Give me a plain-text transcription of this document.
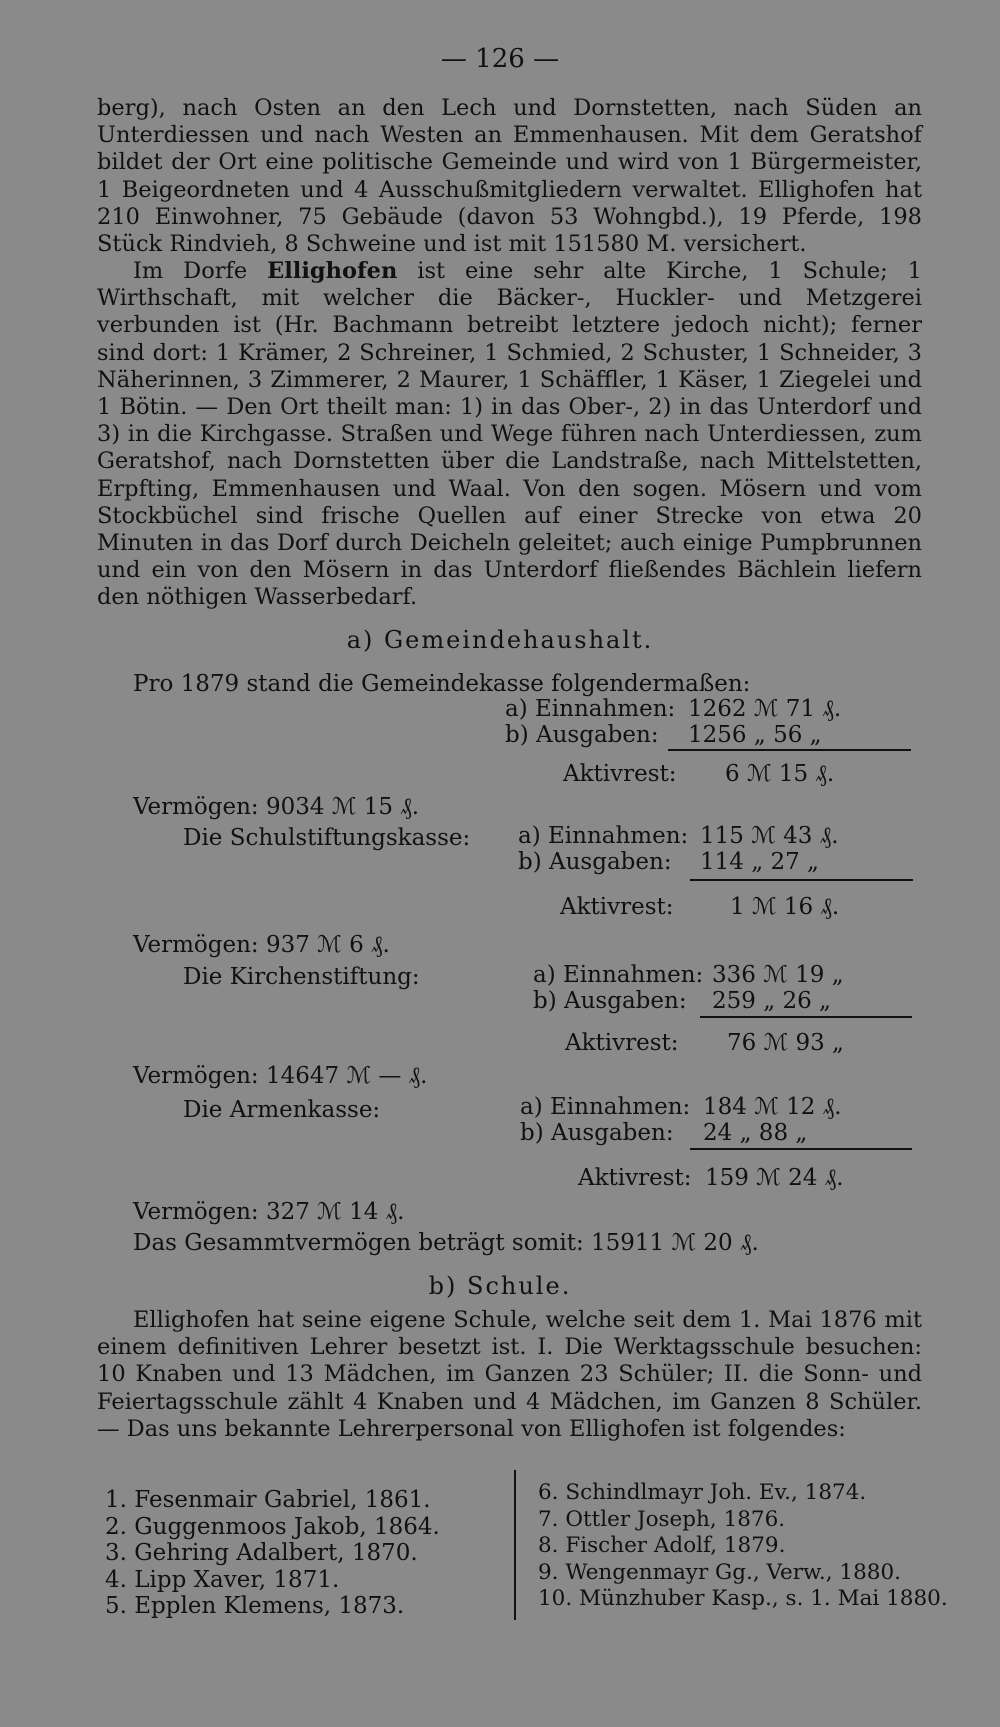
— 126 —

berg), nach Osten an den Lech und Dornstetten, nach Süden an Unterdiessen und nach Westen an Emmenhausen. Mit dem Geratshof bildet der Ort eine politische Gemeinde und wird von 1 Bürgermeister, 1 Beigeordneten und 4 Ausschußmitgliedern verwaltet. Ellighofen hat 210 Einwohner, 75 Gebäude (davon 53 Wohngbd.), 19 Pferde, 198 Stück Rindvieh, 8 Schweine und ist mit 151580 M. versichert.

Im Dorfe Ellighofen ist eine sehr alte Kirche, 1 Schule; 1 Wirthschaft, mit welcher die Bäcker-, Huckler- und Metzgerei verbunden ist (Hr. Bachmann betreibt letztere jedoch nicht); ferner sind dort: 1 Krämer, 2 Schreiner, 1 Schmied, 2 Schuster, 1 Schneider, 3 Näherinnen, 3 Zimmerer, 2 Maurer, 1 Schäffler, 1 Käser, 1 Ziegelei und 1 Bötin. — Den Ort theilt man: 1) in das Ober-, 2) in das Unterdorf und 3) in die Kirchgasse. Straßen und Wege führen nach Unterdiessen, zum Geratshof, nach Dornstetten über die Landstraße, nach Mittelstetten, Erpfting, Emmenhausen und Waal. Von den sogen. Mösern und vom Stockbüchel sind frische Quellen auf einer Strecke von etwa 20 Minuten in das Dorf durch Deicheln geleitet; auch einige Pumpbrunnen und ein von den Mösern in das Unterdorf fließendes Bächlein liefern den nöthigen Wasserbedarf.

a) Gemeindehaushalt.
Pro 1879 stand die Gemeindekasse folgendermaßen:
a) Einnahmen: 1262 ℳ 71 ₰.
b) Ausgaben: 1256 „ 56 „
Aktivrest: 6 ℳ 15 ₰.
Vermögen: 9034 ℳ 15 ₰.
Die Schulstiftungskasse: a) Einnahmen: 115 ℳ 43 ₰.
b) Ausgaben: 114 „ 27 „
Aktivrest: 1 ℳ 16 ₰.
Vermögen: 937 ℳ 6 ₰.
Die Kirchenstiftung:	a) Einnahmen: 336 ℳ 19 „
b) Ausgaben: 259 „ 26 „
Aktivrest: 76 ℳ 93 „
Vermögen: 14647 ℳ — ₰.
Die Armenkasse:	a) Einnahmen: 184 ℳ 12 ₰.
b) Ausgaben: 24 „ 88 „
Aktivrest: 159 ℳ 24 ₰.
Vermögen: 327 ℳ 14 ₰.
Das Gesammtvermögen beträgt somit: 15911 ℳ 20 ₰.
b) Schule.

Ellighofen hat seine eigene Schule, welche seit dem 1. Mai 1876 mit einem definitiven Lehrer besetzt ist. I. Die Werktagsschule besuchen: 10 Knaben und 13 Mädchen, im Ganzen 23 Schüler; II. die Sonn- und Feiertagsschule zählt 4 Knaben und 4 Mädchen, im Ganzen 8 Schüler. — Das uns bekannte Lehrerpersonal von Ellighofen ist folgendes:

1. Fesenmair Gabriel, 1861.
2. Guggenmoos Jakob, 1864.
3. Gehring Adalbert, 1870.
4. Lipp Xaver, 1871.
5. Epplen Klemens, 1873.
6. Schindlmayr Joh. Ev., 1874.
7. Ottler Joseph, 1876.
8. Fischer Adolf, 1879.
9. Wengenmayr Gg., Verw., 1880.
10. Münzhuber Kasp., s. 1. Mai 1880.
